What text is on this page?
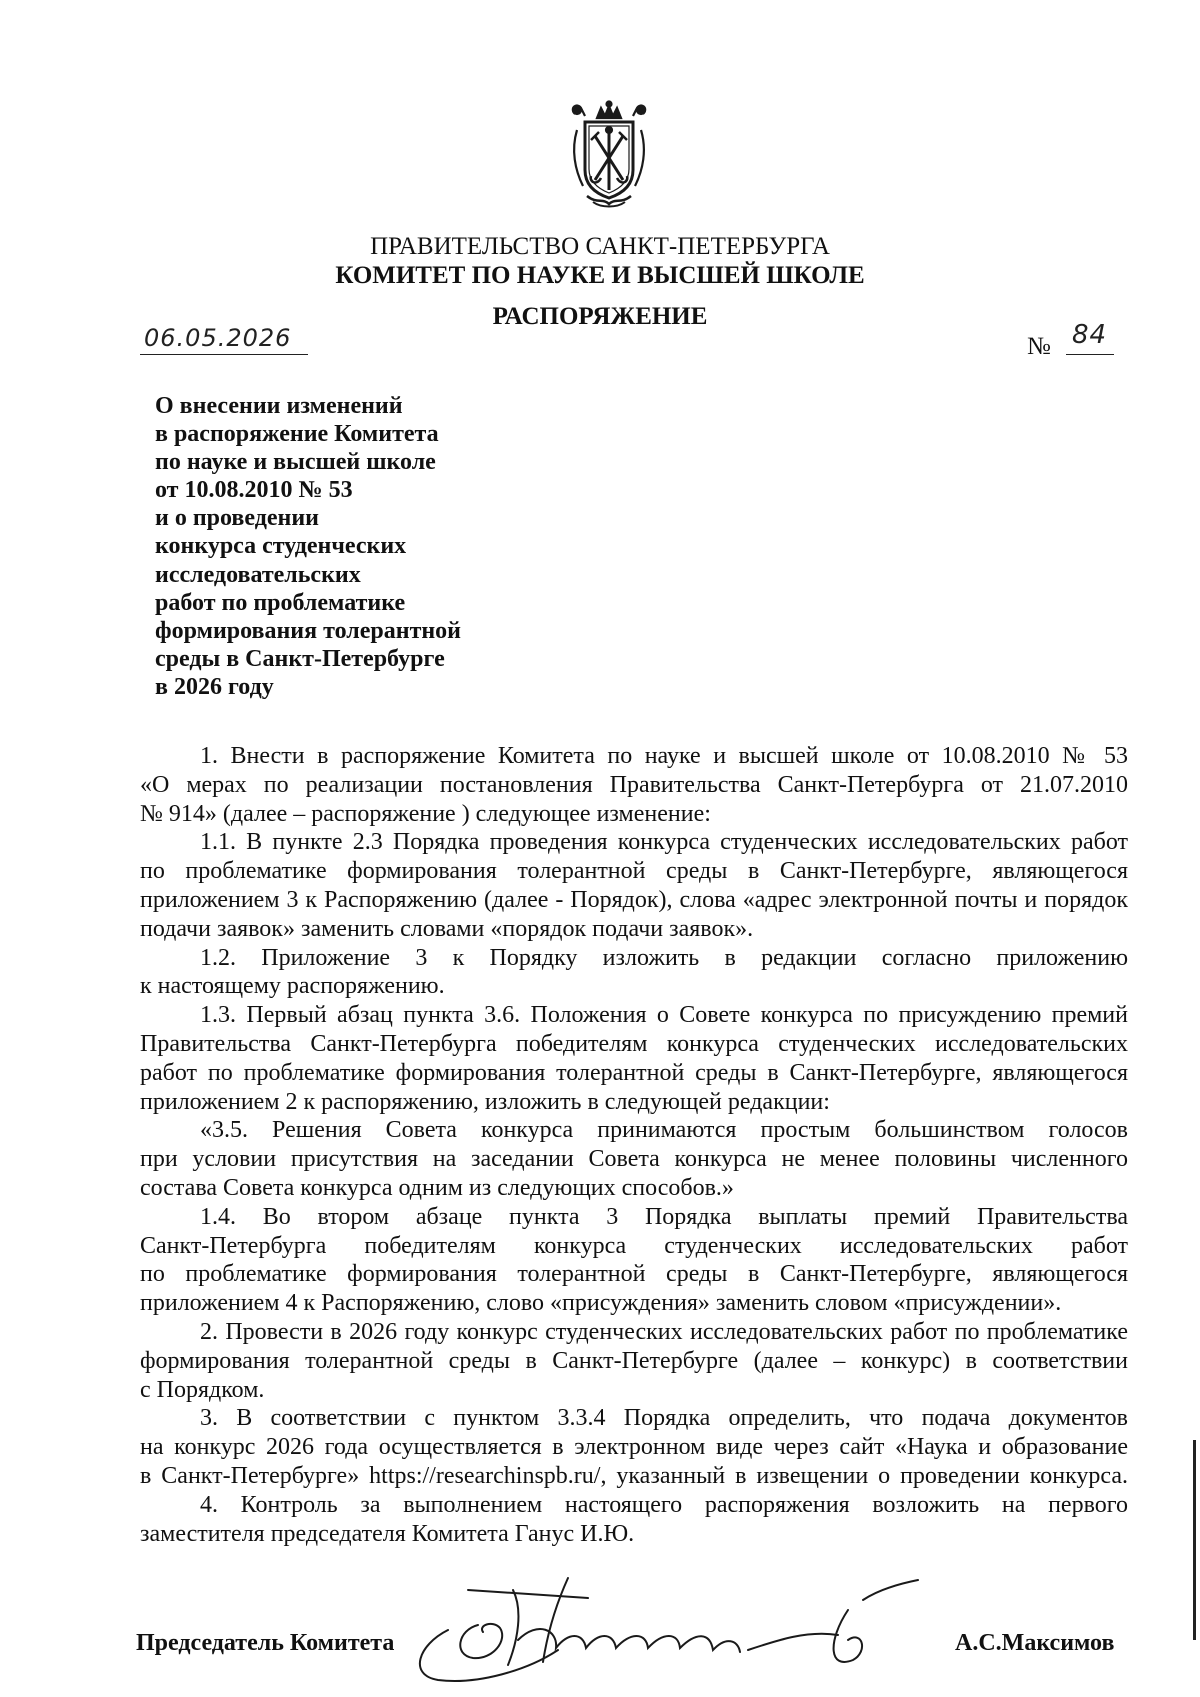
ПРАВИТЕЛЬСТВО САНКТ-ПЕТЕРБУРГА
КОМИТЕТ ПО НАУКЕ И ВЫСШЕЙ ШКОЛЕ
РАСПОРЯЖЕНИЕ
06.05.2026	№ 84
О внесении изменений
в распоряжение Комитета
по науке и высшей школе
от 10.08.2010 № 53
и о проведении
конкурса студенческих
исследовательских
работ по проблематике
формирования толерантной
среды в Санкт-Петербурге
в 2026 году
1. Внести в распоряжение Комитета по науке и высшей школе от 10.08.2010 № 53
«О мерах по реализации постановления Правительства Санкт-Петербурга от 21.07.2010
№ 914» (далее – распоряжение ) следующее изменение:
1.1. В пункте 2.3 Порядка проведения конкурса студенческих исследовательских работ
по проблематике формирования толерантной среды в Санкт-Петербурге, являющегося
приложением 3 к Распоряжению (далее - Порядок), слова «адрес электронной почты и порядок
подачи заявок» заменить словами «порядок подачи заявок».
1.2. Приложение 3 к Порядку изложить в редакции согласно приложению
к настоящему распоряжению.
1.3. Первый абзац пункта 3.6. Положения о Совете конкурса по присуждению премий
Правительства Санкт-Петербурга победителям конкурса студенческих исследовательских
работ по проблематике формирования толерантной среды в Санкт-Петербурге, являющегося
приложением 2 к распоряжению, изложить в следующей редакции:
«3.5. Решения Совета конкурса принимаются простым большинством голосов
при условии присутствия на заседании Совета конкурса не менее половины численного
состава Совета конкурса одним из следующих способов.»
1.4. Во втором абзаце пункта 3 Порядка выплаты премий Правительства
Санкт-Петербурга победителям конкурса студенческих исследовательских работ
по проблематике формирования толерантной среды в Санкт-Петербурге, являющегося
приложением 4 к Распоряжению, слово «присуждения» заменить словом «присуждении».
2. Провести в 2026 году конкурс студенческих исследовательских работ по проблематике
формирования толерантной среды в Санкт-Петербурге (далее – конкурс) в соответствии
с Порядком.
3. В соответствии с пунктом 3.3.4 Порядка определить, что подача документов
на конкурс 2026 года осуществляется в электронном виде через сайт «Наука и образование
в Санкт-Петербурге» https://researchinspb.ru/, указанный в извещении о проведении конкурса.
4. Контроль за выполнением настоящего распоряжения возложить на первого
заместителя председателя Комитета Ганус И.Ю.
Председатель Комитета	А.С.Максимов
